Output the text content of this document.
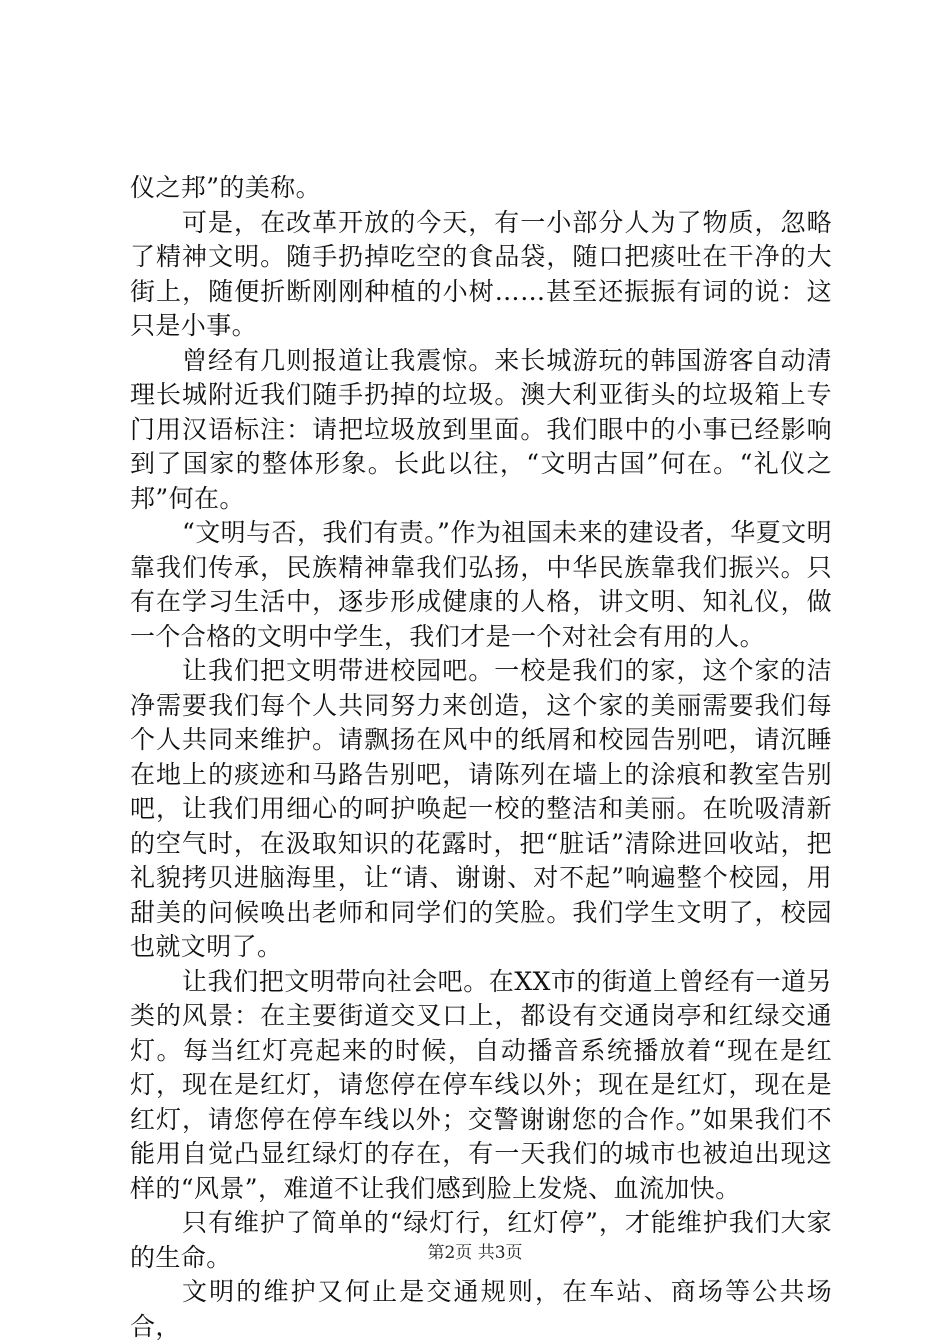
仪之邦”的美称。

可是，在改革开放的今天，有一小部分人为了物质，忽略了精神文明。随手扔掉吃空的食品袋，随口把痰吐在干净的大街上，随便折断刚刚种植的小树……甚至还振振有词的说：这只是小事。

曾经有几则报道让我震惊。来长城游玩的韩国游客自动清理长城附近我们随手扔掉的垃圾。澳大利亚街头的垃圾箱上专门用汉语标注：请把垃圾放到里面。我们眼中的小事已经影响到了国家的整体形象。长此以往，“文明古国”何在。“礼仪之邦”何在。

“文明与否，我们有责。”作为祖国未来的建设者，华夏文明靠我们传承，民族精神靠我们弘扬，中华民族靠我们振兴。只有在学习生活中，逐步形成健康的人格，讲文明、知礼仪，做一个合格的文明中学生，我们才是一个对社会有用的人。

让我们把文明带进校园吧。一校是我们的家，这个家的洁净需要我们每个人共同努力来创造，这个家的美丽需要我们每个人共同来维护。请飘扬在风中的纸屑和校园告别吧，请沉睡在地上的痰迹和马路告别吧，请陈列在墙上的涂痕和教室告别吧，让我们用细心的呵护唤起一校的整洁和美丽。在吮吸清新的空气时，在汲取知识的花露时，把“脏话”清除进回收站，把礼貌拷贝进脑海里，让“请、谢谢、对不起”响遍整个校园，用甜美的问候唤出老师和同学们的笑脸。我们学生文明了，校园也就文明了。

让我们把文明带向社会吧。在XX市的街道上曾经有一道另类的风景：在主要街道交叉口上，都设有交通岗亭和红绿交通灯。每当红灯亮起来的时候，自动播音系统播放着“现在是红灯，现在是红灯，请您停在停车线以外；现在是红灯，现在是红灯，请您停在停车线以外；交警谢谢您的合作。”如果我们不能用自觉凸显红绿灯的存在，有一天我们的城市也被迫出现这样的“风景”，难道不让我们感到脸上发烧、血流加快。

只有维护了简单的“绿灯行，红灯停”，才能维护我们大家的生命。

文明的维护又何止是交通规则，在车站、商场等公共场合，

第2页 共3页
